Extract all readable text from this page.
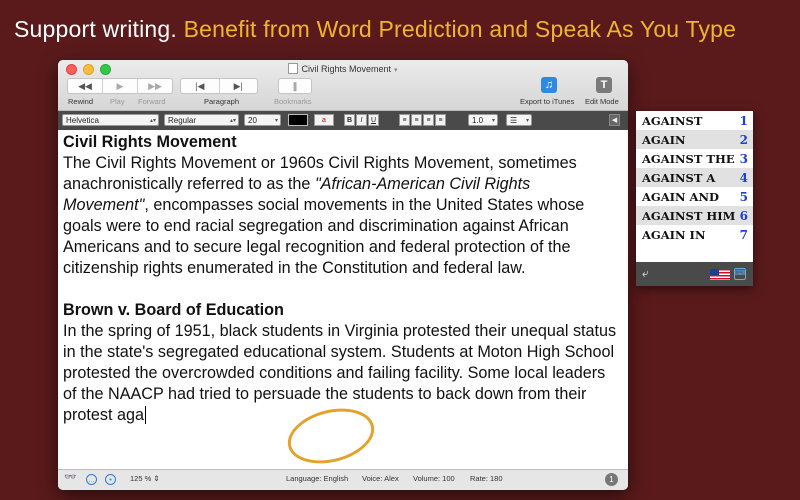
Support writing. Benefit from Word Prediction and Speak As You Type
Civil Rights Movement ▾
◀◀	▶	▶▶
Rewind Play Forward
|◀	▶|
Paragraph
❚
Bookmarks
♫
Export to iTunes
T
Edit Mode
Helvetica	▴▾	Regular	▴▾	20	▾	a	B	I	U	≡	≡	≡	≡	1.0 ▾	☰ ▾	◀
Civil Rights Movement
The Civil Rights Movement or 1960s Civil Rights Movement, sometimes anachronistically referred to as the "African-American Civil Rights Movement", encompasses social movements in the United States whose goals were to end racial segregation and discrimination against African Americans and to secure legal recognition and federal protection of the citizenship rights enumerated in the Constitution and federal law.
Brown v. Board of Education
In the spring of 1951, black students in Virginia protested their unequal status in the state's segregated educational system. Students at Moton High School protested the overcrowded conditions and failing facility. Some local leaders of the NAACP had tried to persuade the students to back down from their protest aga
👓 …	•	125 % ⇕	Language: English Voice: Alex Volume: 100 Rate: 180	1
AGAINST	1
AGAIN	2
AGAINST THE 3
AGAINST A 4
AGAIN AND 5
AGAINST HIM 6
AGAIN IN	7
⤶	⌨
